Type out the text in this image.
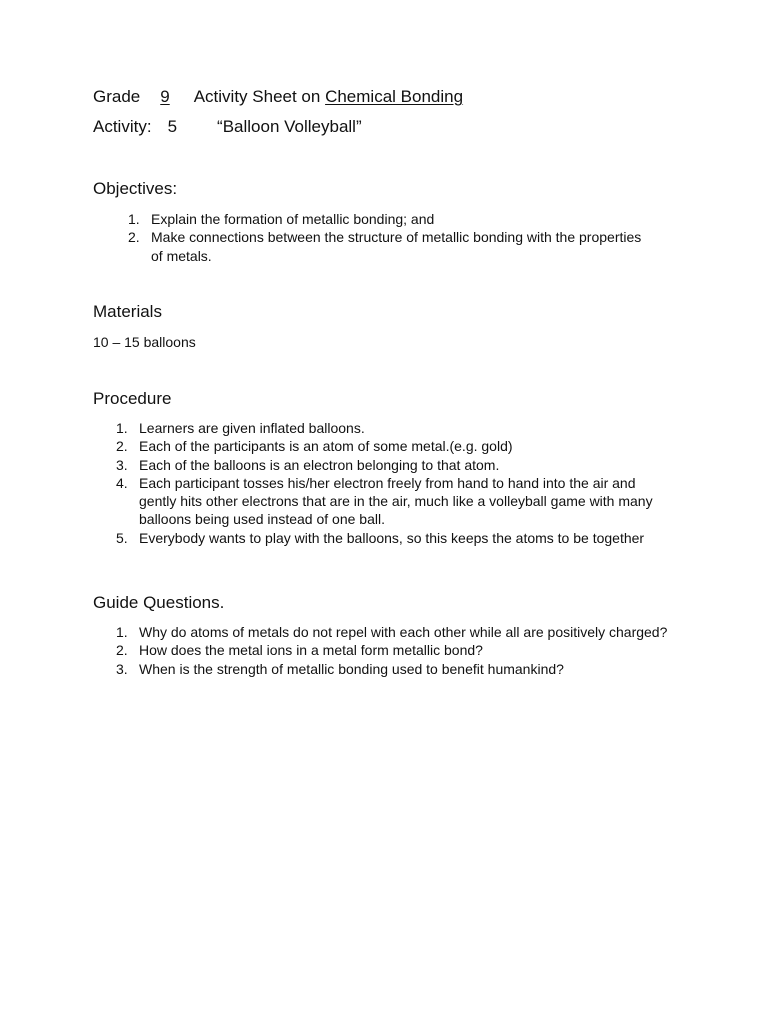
Grade 9 Activity Sheet on Chemical Bonding
Activity: 5 “Balloon Volleyball”
Objectives:
1. Explain the formation of metallic bonding; and
2. Make connections between the structure of metallic bonding with the properties of metals.
Materials
10 – 15 balloons
Procedure
1. Learners are given inflated balloons.
2. Each of the participants is an atom of some metal.(e.g. gold)
3. Each of the balloons is an electron belonging to that atom.
4. Each participant tosses his/her electron freely from hand to hand into the air and gently hits other electrons that are in the air, much like a volleyball game with many balloons being used instead of one ball.
5. Everybody wants to play with the balloons, so this keeps the atoms to be together
Guide Questions.
1. Why do atoms of metals do not repel with each other while all are positively charged?
2. How does the metal ions in a metal form metallic bond?
3. When is the strength of metallic bonding used to benefit humankind?
